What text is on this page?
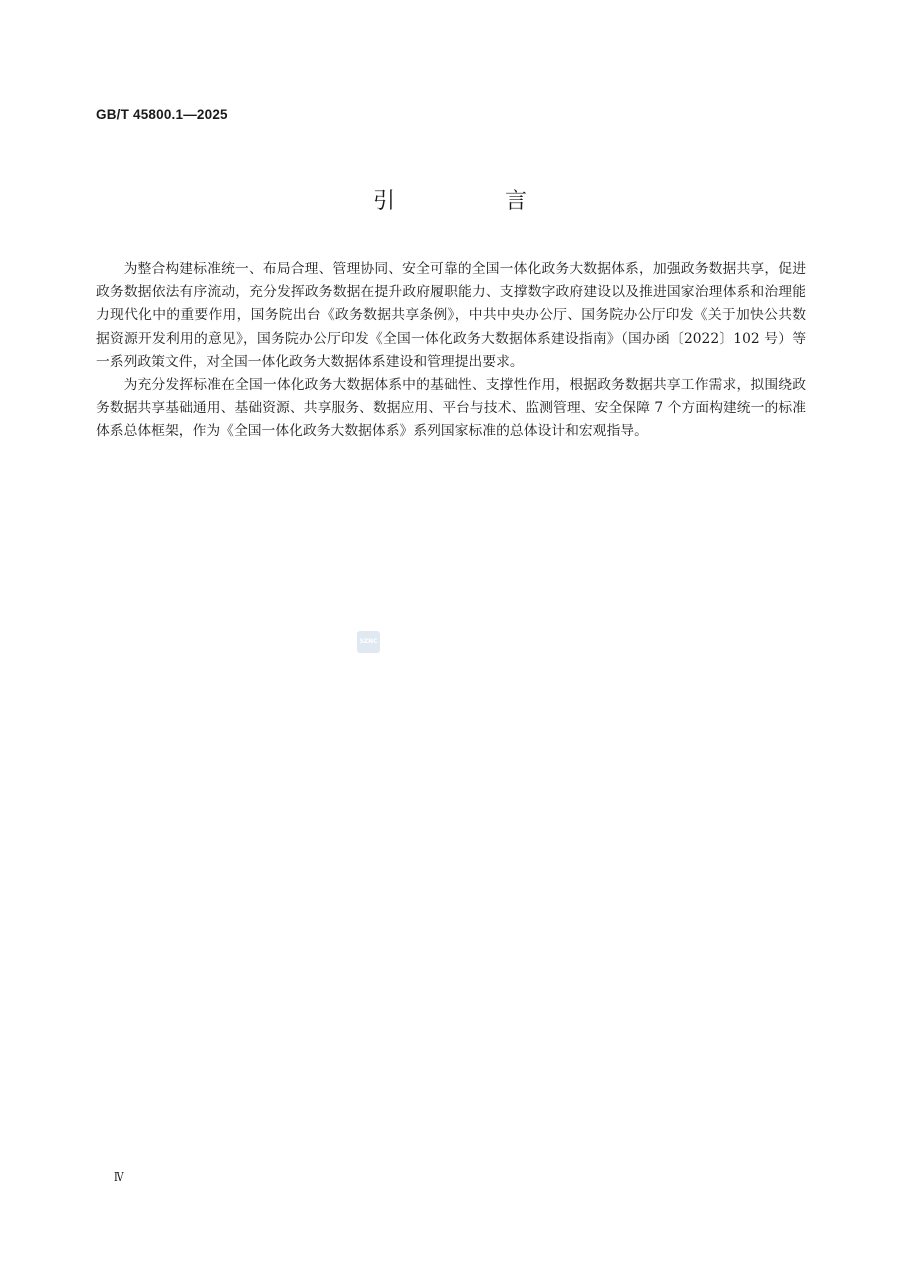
GB/T 45800.1—2025
引　言

为整合构建标准统一、布局合理、管理协同、安全可靠的全国一体化政务大数据体系，加强政务数据共享，促进政务数据依法有序流动，充分发挥政务数据在提升政府履职能力、支撑数字政府建设以及推进国家治理体系和治理能力现代化中的重要作用，国务院出台《政务数据共享条例》，中共中央办公厅、国务院办公厅印发《关于加快公共数据资源开发利用的意见》，国务院办公厅印发《全国一体化政务大数据体系建设指南》（国办函〔2022〕102 号）等一系列政策文件，对全国一体化政务大数据体系建设和管理提出要求。

为充分发挥标准在全国一体化政务大数据体系中的基础性、支撑性作用，根据政务数据共享工作需求，拟围绕政务数据共享基础通用、基础资源、共享服务、数据应用、平台与技术、监测管理、安全保障 7 个方面构建统一的标准体系总体框架，作为《全国一体化政务大数据体系》系列国家标准的总体设计和宏观指导。

SZNC
Ⅳ
